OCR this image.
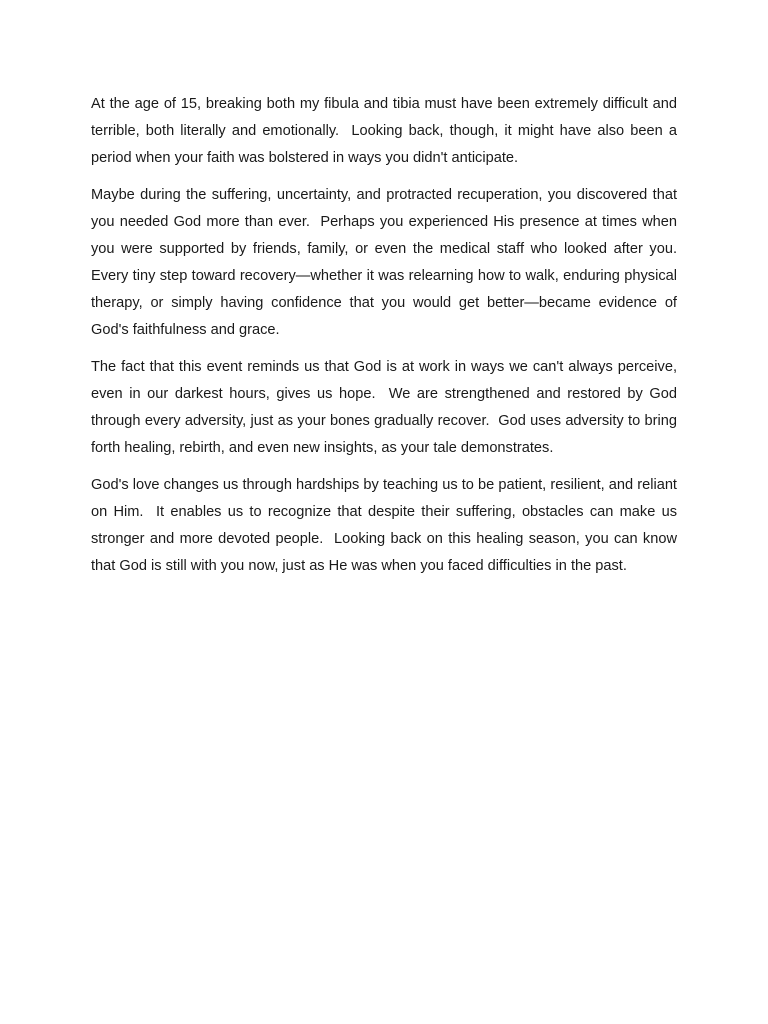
At the age of 15, breaking both my fibula and tibia must have been extremely difficult and terrible, both literally and emotionally.  Looking back, though, it might have also been a period when your faith was bolstered in ways you didn't anticipate.

Maybe during the suffering, uncertainty, and protracted recuperation, you discovered that you needed God more than ever.  Perhaps you experienced His presence at times when you were supported by friends, family, or even the medical staff who looked after you.  Every tiny step toward recovery—whether it was relearning how to walk, enduring physical therapy, or simply having confidence that you would get better—became evidence of God's faithfulness and grace.

The fact that this event reminds us that God is at work in ways we can't always perceive, even in our darkest hours, gives us hope.  We are strengthened and restored by God through every adversity, just as your bones gradually recover.  God uses adversity to bring forth healing, rebirth, and even new insights, as your tale demonstrates.

God's love changes us through hardships by teaching us to be patient, resilient, and reliant on Him.  It enables us to recognize that despite their suffering, obstacles can make us stronger and more devoted people.  Looking back on this healing season, you can know that God is still with you now, just as He was when you faced difficulties in the past.
